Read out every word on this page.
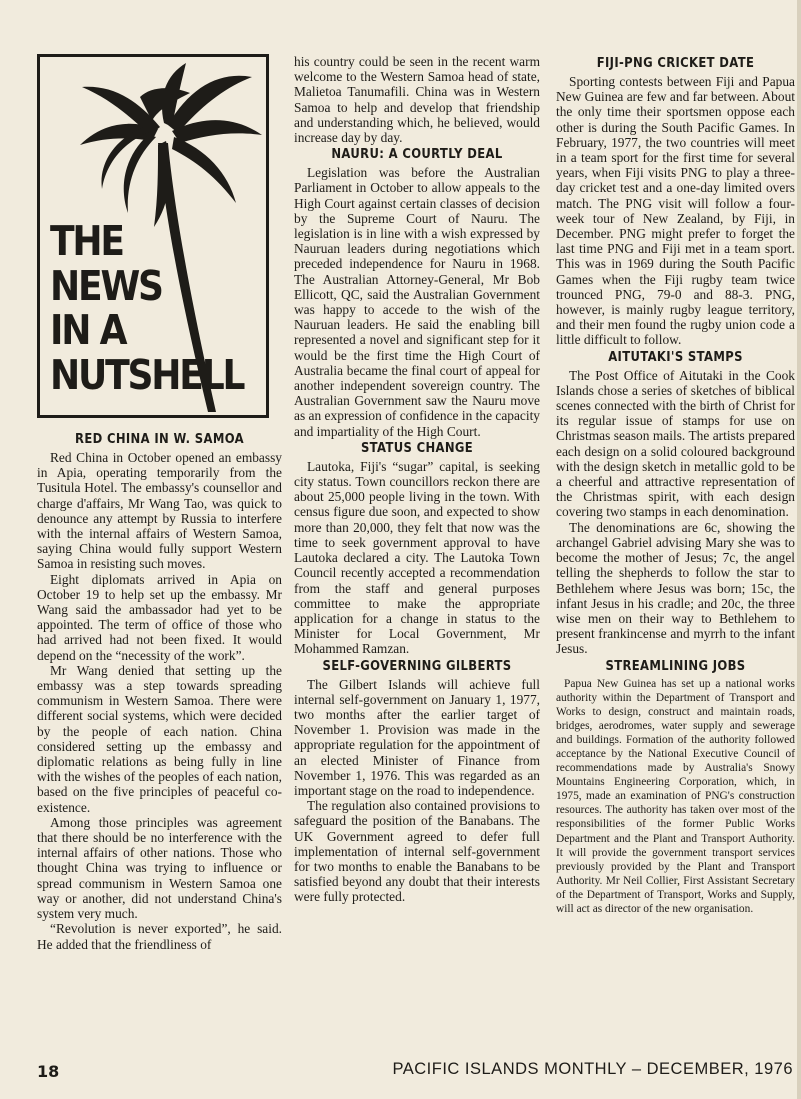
THE
NEWS
IN A
NUTSHELL
RED CHINA IN W. SAMOA

Red China in October opened an embassy in Apia, operating temporarily from the Tusitula Hotel. The embassy's counsellor and charge d'affairs, Mr Wang Tao, was quick to denounce any attempt by Russia to interfere with the internal affairs of Western Samoa, saying China would fully support Western Samoa in resisting such moves.

Eight diplomats arrived in Apia on October 19 to help set up the embassy. Mr Wang said the ambassador had yet to be appointed. The term of office of those who had arrived had not been fixed. It would depend on the “necessity of the work”.

Mr Wang denied that setting up the embassy was a step towards spreading communism in Western Samoa. There were different social systems, which were decided by the people of each nation. China considered setting up the embassy and diplomatic relations as being fully in line with the wishes of the peoples of each nation, based on the five principles of peaceful co-existence.

Among those principles was agreement that there should be no interference with the internal affairs of other nations. Those who thought China was trying to influence or spread communism in Western Samoa one way or another, did not understand China's system very much.

“Revolution is never exported”, he said. He added that the friendliness of

his country could be seen in the recent warm welcome to the Western Samoa head of state, Malietoa Tanumafili. China was in Western Samoa to help and develop that friendship and understanding which, he believed, would increase day by day.

NAURU: A COURTLY DEAL

Legislation was before the Australian Parliament in October to allow appeals to the High Court against certain classes of decision by the Supreme Court of Nauru. The legislation is in line with a wish expressed by Nauruan leaders during negotiations which preceded independence for Nauru in 1968. The Australian Attorney-General, Mr Bob Ellicott, QC, said the Australian Government was happy to accede to the wish of the Nauruan leaders. He said the enabling bill represented a novel and significant step for it would be the first time the High Court of Australia became the final court of appeal for another independent sovereign country. The Australian Government saw the Nauru move as an expression of confidence in the capacity and impartiality of the High Court.

STATUS CHANGE

Lautoka, Fiji's “sugar” capital, is seeking city status. Town councillors reckon there are about 25,000 people living in the town. With census figure due soon, and expected to show more than 20,000, they felt that now was the time to seek government approval to have Lautoka declared a city. The Lautoka Town Council recently accepted a recommendation from the staff and general purposes committee to make the appropriate application for a change in status to the Minister for Local Government, Mr Mohammed Ramzan.

SELF-GOVERNING GILBERTS

The Gilbert Islands will achieve full internal self-government on January 1, 1977, two months after the earlier target of November 1. Provision was made in the appropriate regulation for the appointment of an elected Minister of Finance from November 1, 1976. This was regarded as an important stage on the road to independence.

The regulation also contained provisions to safeguard the position of the Banabans. The UK Government agreed to defer full implementation of internal self-government for two months to enable the Banabans to be satisfied beyond any doubt that their interests were fully protected.

FIJI-PNG CRICKET DATE

Sporting contests between Fiji and Papua New Guinea are few and far between. About the only time their sportsmen oppose each other is during the South Pacific Games. In February, 1977, the two countries will meet in a team sport for the first time for several years, when Fiji visits PNG to play a three-day cricket test and a one-day limited overs match. The PNG visit will follow a four-week tour of New Zealand, by Fiji, in December. PNG might prefer to forget the last time PNG and Fiji met in a team sport. This was in 1969 during the South Pacific Games when the Fiji rugby team twice trounced PNG, 79-0 and 88-3. PNG, however, is mainly rugby league territory, and their men found the rugby union code a little difficult to follow.

AITUTAKI'S STAMPS

The Post Office of Aitutaki in the Cook Islands chose a series of sketches of biblical scenes connected with the birth of Christ for its regular issue of stamps for use on Christmas season mails. The artists prepared each design on a solid coloured background with the design sketch in metallic gold to be a cheerful and attractive representation of the Christmas spirit, with each design covering two stamps in each denomination.

The denominations are 6c, showing the archangel Gabriel advising Mary she was to become the mother of Jesus; 7c, the angel telling the shepherds to follow the star to Bethlehem where Jesus was born; 15c, the infant Jesus in his cradle; and 20c, the three wise men on their way to Bethlehem to present frankincense and myrrh to the infant Jesus.

STREAMLINING JOBS

Papua New Guinea has set up a national works authority within the Department of Transport and Works to design, construct and maintain roads, bridges, aerodromes, water supply and sewerage and buildings. Formation of the authority followed acceptance by the National Executive Council of recommendations made by Australia's Snowy Mountains Engineering Corporation, which, in 1975, made an examination of PNG's construction resources. The authority has taken over most of the responsibilities of the former Public Works Department and the Plant and Transport Authority. It will provide the government transport services previously provided by the Plant and Transport Authority. Mr Neil Collier, First Assistant Secretary of the Department of Transport, Works and Supply, will act as director of the new organisation.

18	PACIFIC ISLANDS MONTHLY – DECEMBER, 1976
